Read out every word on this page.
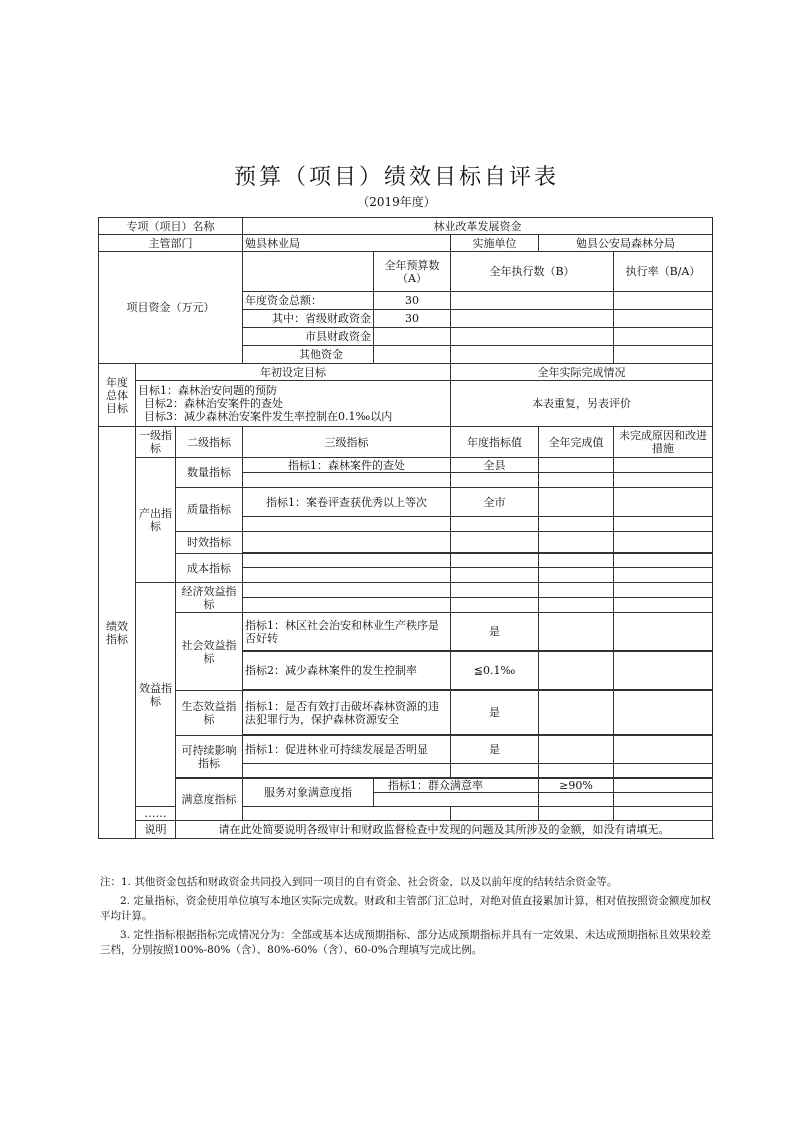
预算（项目）绩效目标自评表
（2019年度）
专项（项目）名称			林业改革发展资金					
主管部门			勉县林业局		实施单位	勉县公安局森林分局		
项目资金（万元）				全年预算数（A）	全年执行数（B）		执行率（B/A）	
			年度资金总额：	30				
			其中：省级财政资金	30				
			市县财政资金					
			其他资金					
年度总体目标	年初设定目标				全年实际完成情况			

	目标1：森林治安问题的预防
目标2：森林治安案件的查处
目标3：减少森林治安案件发生率控制在0.1‰以内				本表重复，另表评价			
绩效指标	一级指标	二级指标	三级指标		年度指标值	全年完成值	未完成原因和改进措施	
	产出指标	数量指标	指标1：森林案件的查处		全县			

		质量指标	指标1：案卷评查获优秀以上等次		全市			

		时效指标						

		成本指标						

	效益指标	经济效益指标						

		社会效益指标	指标1：林区社会治安和林业生产秩序是否好转		是			

			指标2：减少森林案件的发生控制率		≦0.1‰			

		生态效益指标	指标1：是否有效打击破坏森林资源的违法犯罪行为，保护森林资源安全		是			

		可持续影响指标	指标1：促进林业可持续发展是否明显		是			

		满意度指标	服务对象满意度指	指标1：群众满意率		≥90%		

	……							
	说明	请在此处简要说明各级审计和财政监督检查中发现的问题及其所涉及的金额，如没有请填无。						

注：1. 其他资金包括和财政资金共同投入到同一项目的自有资金、社会资金，以及以前年度的结转结余资金等。

2. 定量指标，资金使用单位填写本地区实际完成数。财政和主管部门汇总时，对绝对值直接累加计算，相对值按照资金额度加权平均计算。

3. 定性指标根据指标完成情况分为：全部或基本达成预期指标、部分达成预期指标并具有一定效果、未达成预期指标且效果较差三档，分别按照100%-80%（含）、80%-60%（含）、60-0%合理填写完成比例。
